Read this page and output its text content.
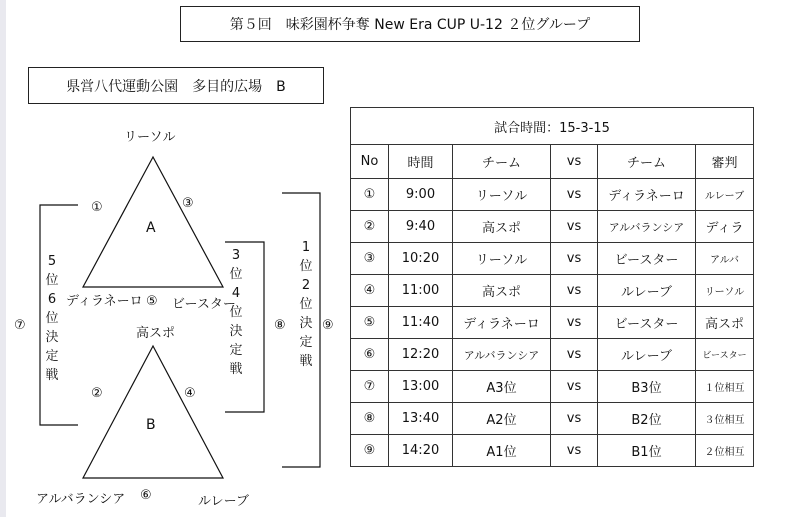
第５回　味彩園杯争奪 New Era CUP U-12 ２位グループ
県営八代運動公園　多目的広場　B
リーソル
ディラネーロ ビースター
A
①	③
⑤
高スポ
アルバランシア	ルレーブ
B
②	④
⑥
5
位
6
位
決
定
戦
⑦
3
位
4
位
決
定
戦
⑧
1
位
2
位
決
定
戦
⑨
試合時間：15-3-15					
No	時間	チーム	vs	チーム	審判
①	9:00	リーソル	vs	ディラネーロ	ルレーブ
②	9:40	高スポ	vs	アルバランシア	ディラ
③	10:20	リーソル	vs	ビースター	アルバ
④	11:00	高スポ	vs	ルレーブ	リーソル
⑤	11:40	ディラネーロ	vs	ビースター	高スポ
⑥	12:20	アルバランシア	vs	ルレーブ	ビースター
⑦	13:00	A3位	vs	B3位	１位相互
⑧	13:40	A2位	vs	B2位	３位相互
⑨	14:20	A1位	vs	B1位	２位相互
